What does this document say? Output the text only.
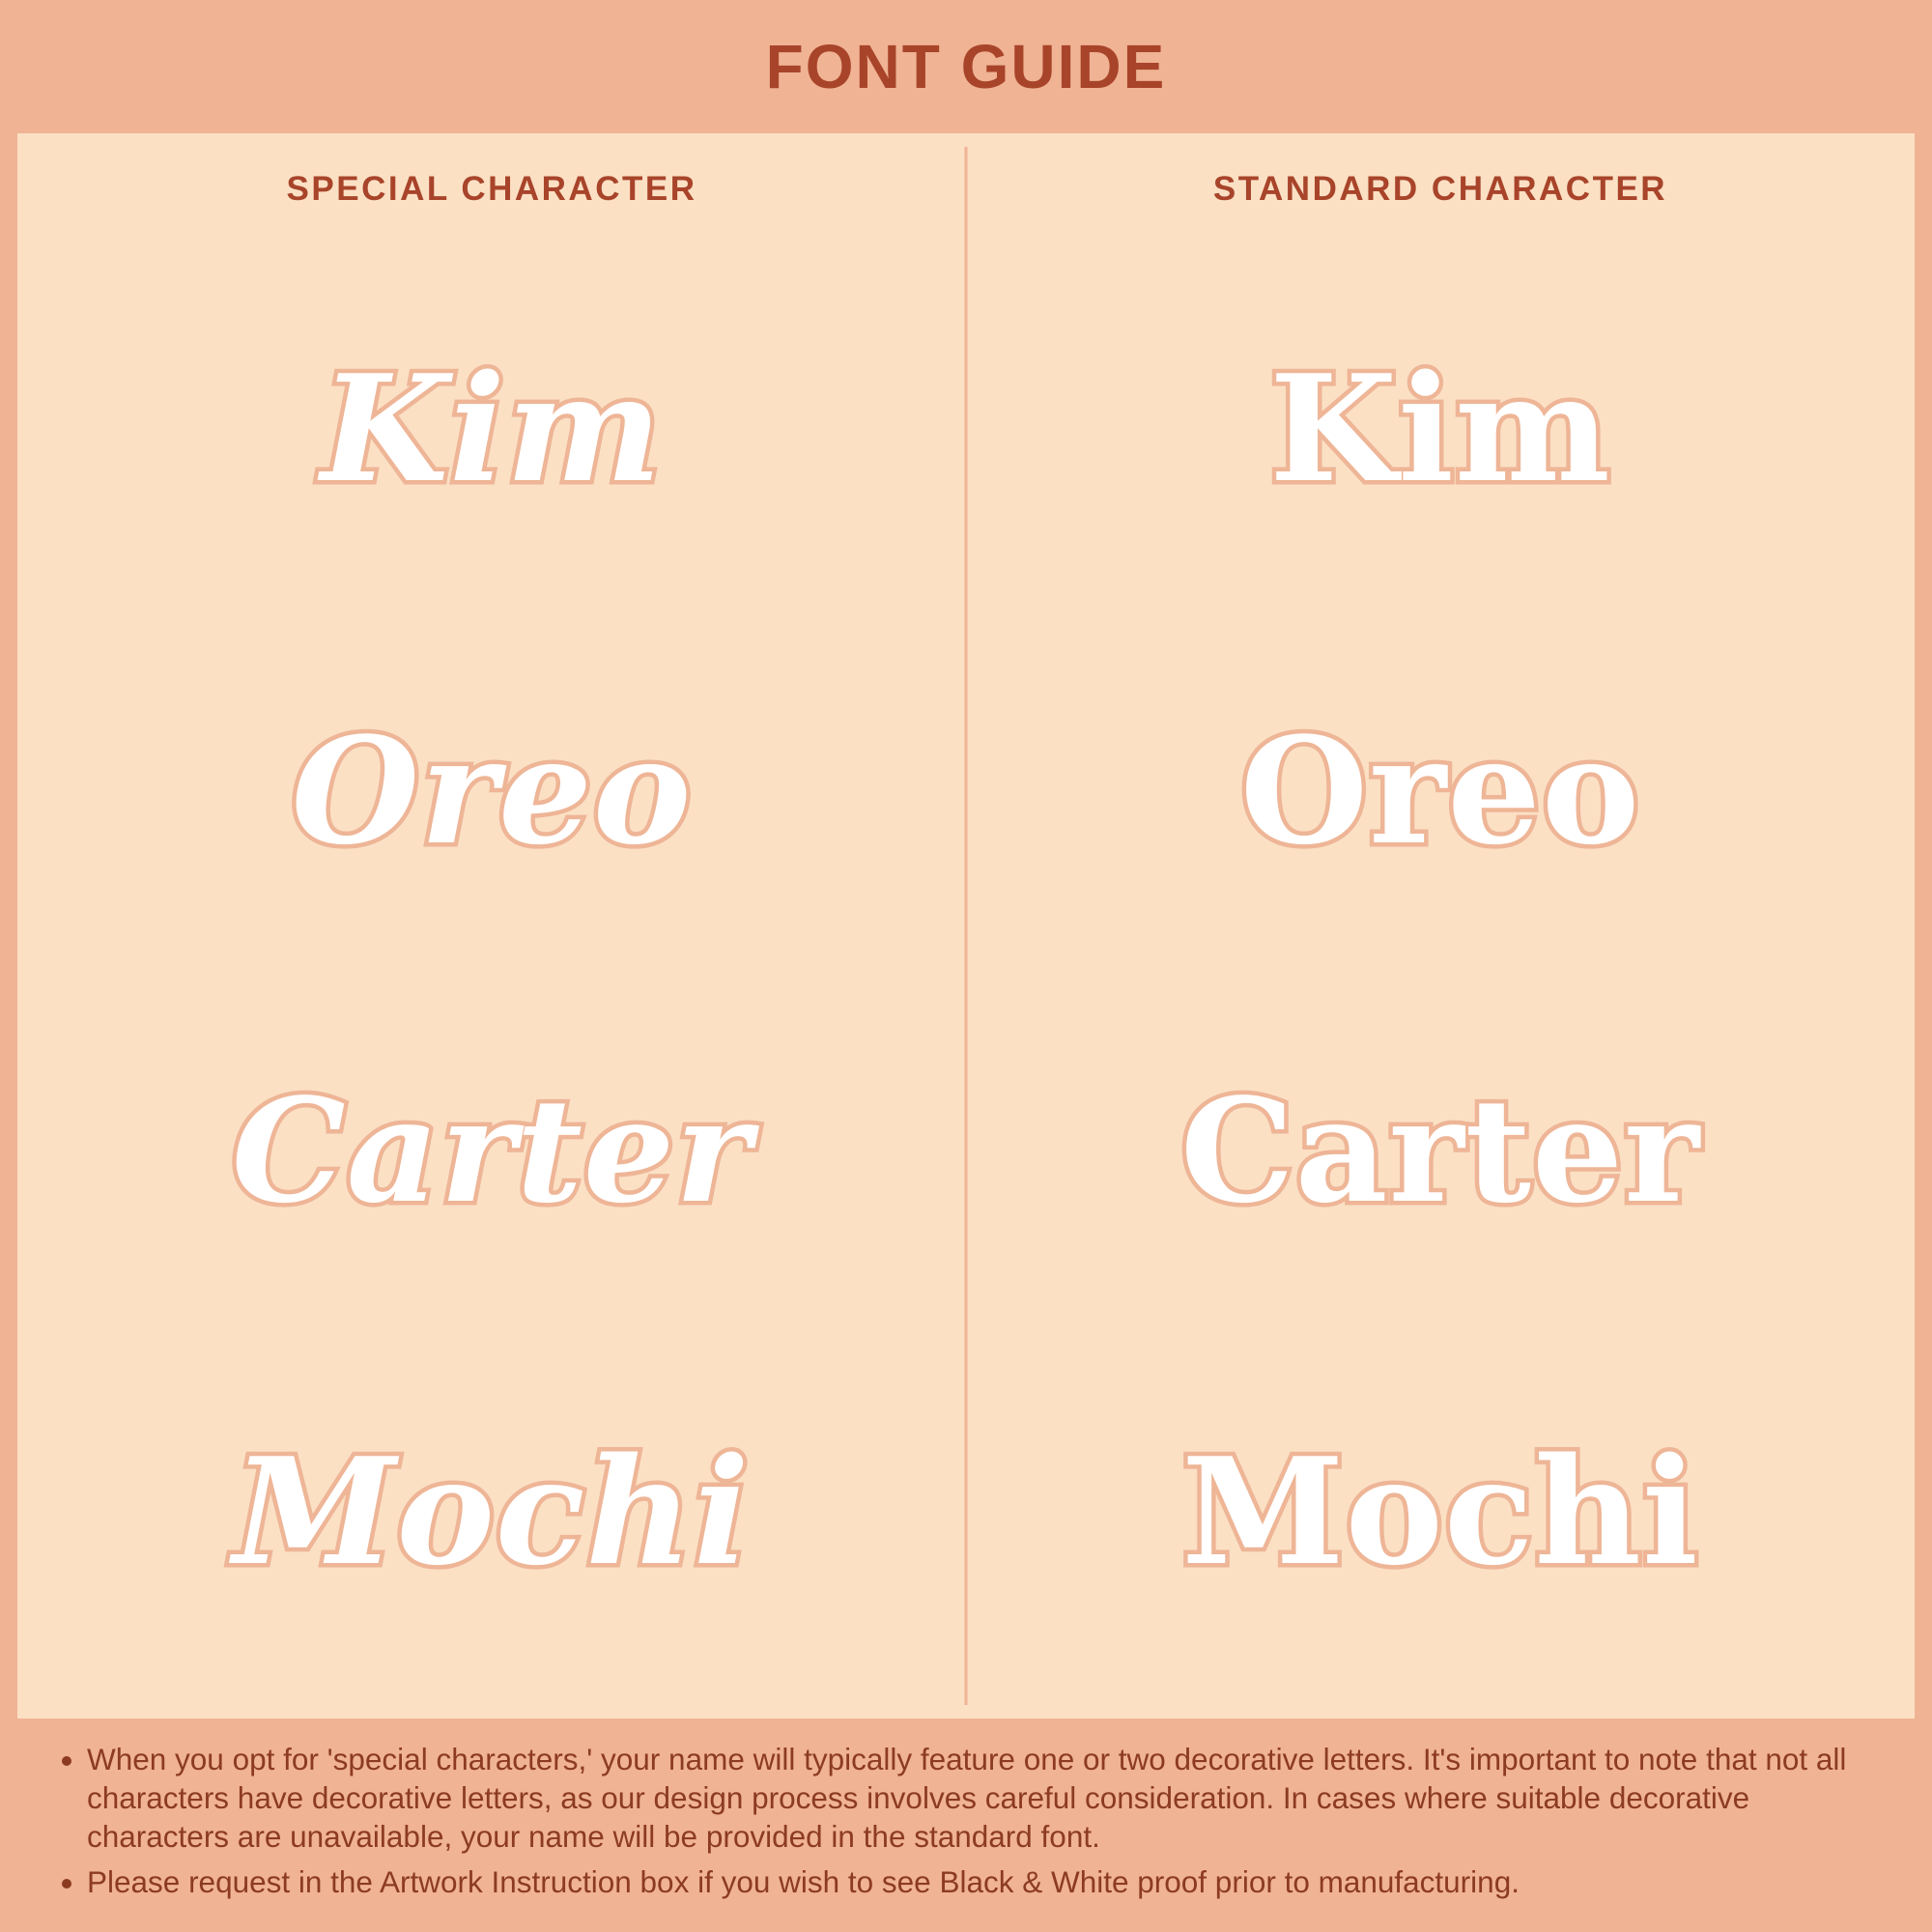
FONT GUIDE
SPECIAL CHARACTER
Kim
Oreo
Carter
Mochi
STANDARD CHARACTER
Kim
Oreo
Carter
Mochi
• When you opt for 'special characters,' your name will typically feature one or two decorative letters. It's important to note that not all characters have decorative letters, as our design process involves careful consideration. In cases where suitable decorative characters are unavailable, your name will be provided in the standard font.
• Please request in the Artwork Instruction box if you wish to see Black & White proof prior to manufacturing.
